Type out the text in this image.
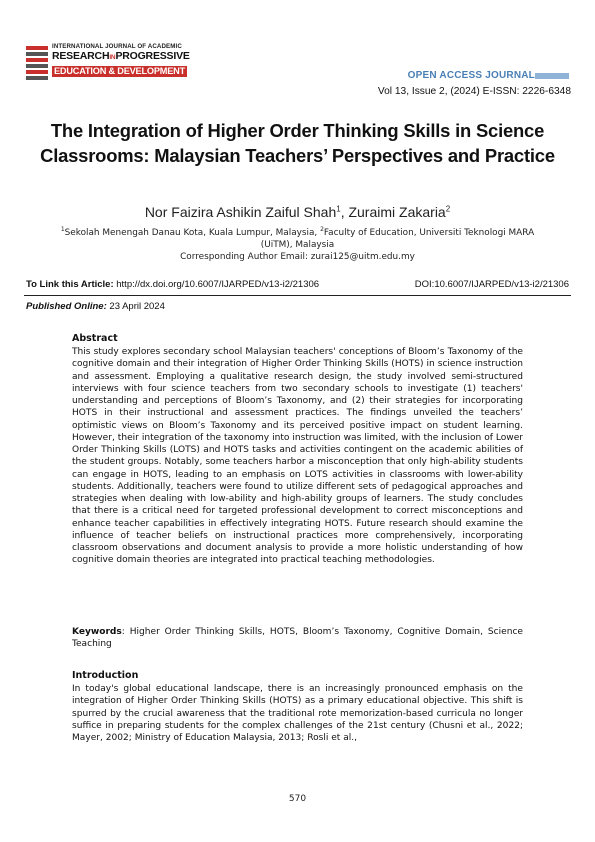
INTERNATIONAL JOURNAL OF ACADEMIC
RESEARCHINPROGRESSIVE
EDUCATION & DEVELOPMENT	OPEN ACCESS JOURNAL
Vol 13, Issue 2, (2024) E-ISSN: 2226-6348
The Integration of Higher Order Thinking Skills in Science Classrooms: Malaysian Teachers’ Perspectives and Practice
Nor Faizira Ashikin Zaiful Shah$^1$, Zuraimi Zakaria$^2$
$^1$Sekolah Menengah Danau Kota, Kuala Lumpur, Malaysia, $^2$Faculty of Education, Universiti Teknologi MARA (UiTM), Malaysia
Corresponding Author Email: zurai125@uitm.edu.my
To Link this Article: http://dx.doi.org/10.6007/IJARPED/v13-i2/21306	DOI:10.6007/IJARPED/v13-i2/21306
Published Online: 23 April 2024
Abstract
This study explores secondary school Malaysian teachers' conceptions of Bloom’s Taxonomy of the cognitive domain and their integration of Higher Order Thinking Skills (HOTS) in science instruction and assessment. Employing a qualitative research design, the study involved semi-structured interviews with four science teachers from two secondary schools to investigate (1) teachers' understanding and perceptions of Bloom’s Taxonomy, and (2) their strategies for incorporating HOTS in their instructional and assessment practices. The findings unveiled the teachers’ optimistic views on Bloom’s Taxonomy and its perceived positive impact on student learning. However, their integration of the taxonomy into instruction was limited, with the inclusion of Lower Order Thinking Skills (LOTS) and HOTS tasks and activities contingent on the academic abilities of the student groups. Notably, some teachers harbor a misconception that only high-ability students can engage in HOTS, leading to an emphasis on LOTS activities in classrooms with lower-ability students. Additionally, teachers were found to utilize different sets of pedagogical approaches and strategies when dealing with low-ability and high-ability groups of learners. The study concludes that there is a critical need for targeted professional development to correct misconceptions and enhance teacher capabilities in effectively integrating HOTS. Future research should examine the influence of teacher beliefs on instructional practices more comprehensively, incorporating classroom observations and document analysis to provide a more holistic understanding of how cognitive domain theories are integrated into practical teaching methodologies.
Keywords: Higher Order Thinking Skills, HOTS, Bloom’s Taxonomy, Cognitive Domain, Science Teaching
Introduction
In today's global educational landscape, there is an increasingly pronounced emphasis on the integration of Higher Order Thinking Skills (HOTS) as a primary educational objective. This shift is spurred by the crucial awareness that the traditional rote memorization-based curricula no longer suffice in preparing students for the complex challenges of the 21st century (Chusni et al., 2022; Mayer, 2002; Ministry of Education Malaysia, 2013; Rosli et al.,
570
